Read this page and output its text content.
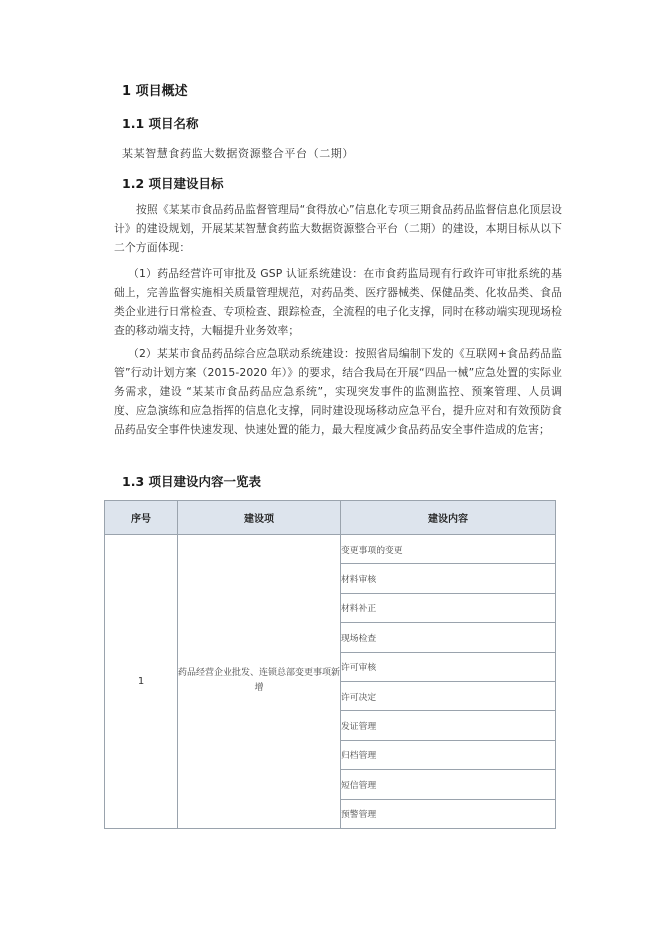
1 项目概述
1.1 项目名称
某某智慧食药监大数据资源整合平台（二期）
1.2 项目建设目标

按照《某某市食品药品监督管理局“食得放心”信息化专项三期食品药品监督信息化顶层设计》的建设规划，开展某某智慧食药监大数据资源整合平台（二期）的建设，本期目标从以下二个方面体现：

（1）药品经营许可审批及 GSP 认证系统建设：在市食药监局现有行政许可审批系统的基础上，完善监督实施相关质量管理规范，对药品类、医疗器械类、保健品类、化妆品类、食品类企业进行日常检查、专项检查、跟踪检查，全流程的电子化支撑，同时在移动端实现现场检查的移动端支持，大幅提升业务效率；

（2）某某市食品药品综合应急联动系统建设：按照省局编制下发的《互联网+食品药品监管”行动计划方案（2015-2020 年）》的要求，结合我局在开展“四品一械”应急处置的实际业务需求，建设 “某某市食品药品应急系统”，实现突发事件的监测监控、预案管理、人员调度、应急演练和应急指挥的信息化支撑，同时建设现场移动应急平台，提升应对和有效预防食品药品安全事件快速发现、快速处置的能力，最大程度减少食品药品安全事件造成的危害；

1.3 项目建设内容一览表
序号	建设项	建设内容
1	药品经营企业批发、连锁总部变更事项新增	变更事项的变更
		材料审核
		材料补正
		现场检查
		许可审核
		许可决定
		发证管理
		归档管理
		短信管理
		预警管理
